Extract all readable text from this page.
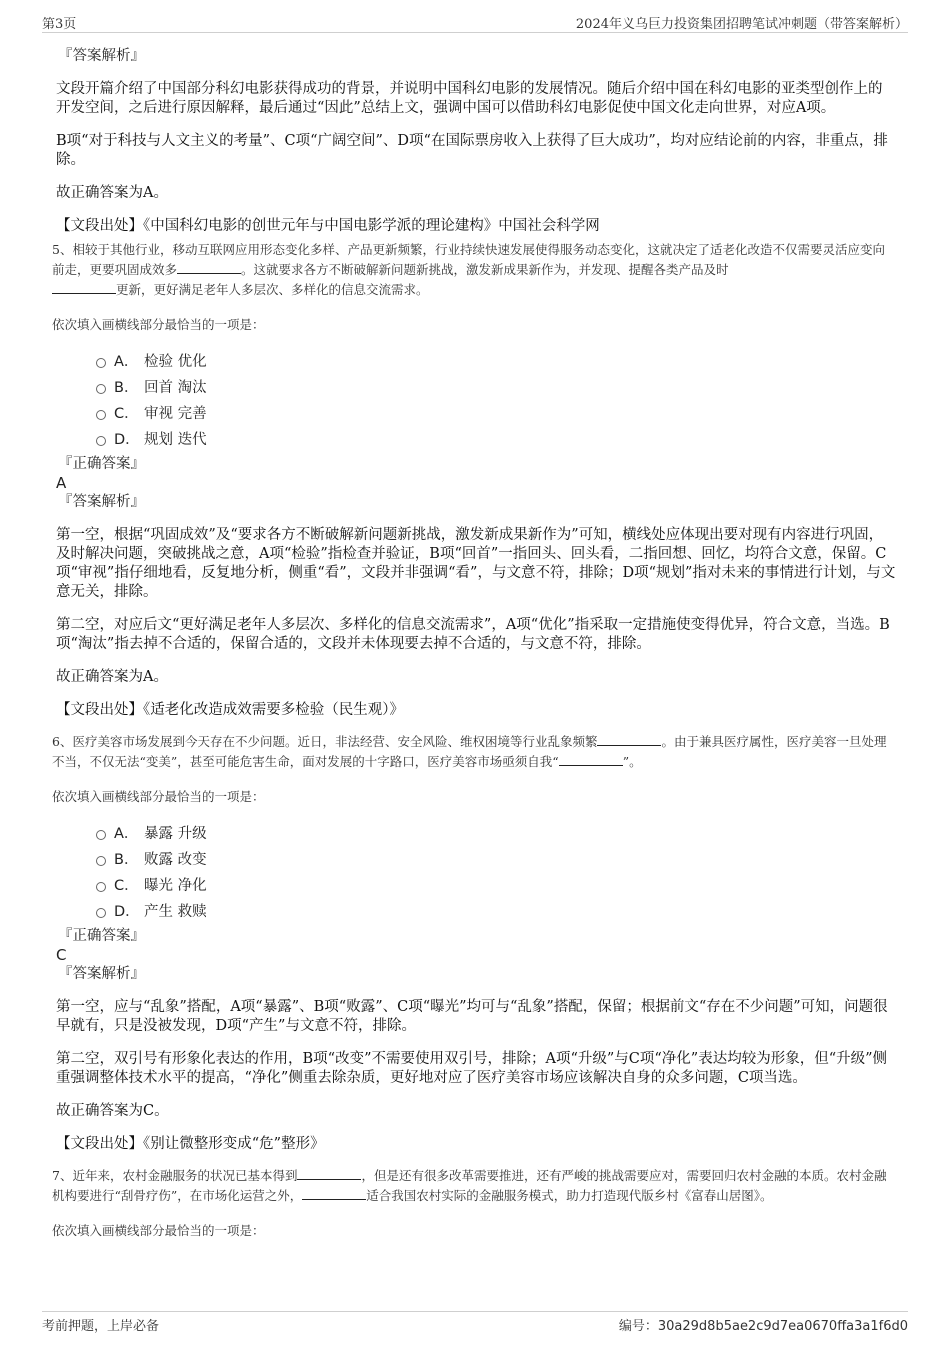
第3页	2024年义乌巨力投资集团招聘笔试冲刺题（带答案解析）

『答案解析』

文段开篇介绍了中国部分科幻电影获得成功的背景，并说明中国科幻电影的发展情况。随后介绍中国在科幻电影的亚类型创作上的开发空间，之后进行原因解释，最后通过“因此”总结上文，强调中国可以借助科幻电影促使中国文化走向世界，对应A项。

B项“对于科技与人文主义的考量”、C项“广阔空间”、D项“在国际票房收入上获得了巨大成功”，均对应结论前的内容，非重点，排除。

故正确答案为A。

【文段出处】《中国科幻电影的创世元年与中国电影学派的理论建构》中国社会科学网

5、相较于其他行业，移动互联网应用形态变化多样、产品更新频繁，行业持续快速发展使得服务动态变化，这就决定了适老化改造不仅需要灵活应变向前走，更要巩固成效多	。这就要求各方不断破解新问题新挑战，激发新成果新作为，并发现、提醒各类产品及时
更新，更好满足老年人多层次、多样化的信息交流需求。

依次填入画横线部分最恰当的一项是：

A． 检验 优化
B． 回首 淘汰
C． 审视 完善
D． 规划 迭代

『正确答案』

A

『答案解析』

第一空，根据“巩固成效”及“要求各方不断破解新问题新挑战，激发新成果新作为”可知，横线处应体现出要对现有内容进行巩固，及时解决问题，突破挑战之意，A项“检验”指检查并验证，B项“回首”一指回头、回头看，二指回想、回忆，均符合文意，保留。C项“审视”指仔细地看，反复地分析，侧重“看”，文段并非强调“看”，与文意不符，排除；D项“规划”指对未来的事情进行计划，与文意无关，排除。

第二空，对应后文“更好满足老年人多层次、多样化的信息交流需求”，A项“优化”指采取一定措施使变得优异，符合文意，当选。B项“淘汰”指去掉不合适的，保留合适的，文段并未体现要去掉不合适的，与文意不符，排除。

故正确答案为A。

【文段出处】《适老化改造成效需要多检验（民生观）》

6、医疗美容市场发展到今天存在不少问题。近日，非法经营、安全风险、维权困境等行业乱象频繁	。由于兼具医疗属性，医疗美容一旦处理不当，不仅无法“变美”，甚至可能危害生命，面对发展的十字路口，医疗美容市场亟须自我“	”。

依次填入画横线部分最恰当的一项是：

A． 暴露 升级
B． 败露 改变
C． 曝光 净化
D． 产生 救赎

『正确答案』

C

『答案解析』

第一空，应与“乱象”搭配，A项“暴露”、B项“败露”、C项“曝光”均可与“乱象”搭配，保留；根据前文“存在不少问题”可知，问题很早就有，只是没被发现，D项“产生”与文意不符，排除。

第二空，双引号有形象化表达的作用，B项“改变”不需要使用双引号，排除；A项“升级”与C项“净化”表达均较为形象，但“升级”侧重强调整体技术水平的提高，“净化”侧重去除杂质，更好地对应了医疗美容市场应该解决自身的众多问题，C项当选。

故正确答案为C。

【文段出处】《别让微整形变成“危”整形》

7、近年来，农村金融服务的状况已基本得到	，但是还有很多改革需要推进，还有严峻的挑战需要应对，需要回归农村金融的本质。农村金融机构要进行“刮骨疗伤”，在市场化运营之外，	适合我国农村实际的金融服务模式，助力打造现代版乡村《富春山居图》。

依次填入画横线部分最恰当的一项是：

考前押题，上岸必备	编号：30a29d8b5ae2c9d7ea0670ffa3a1f6d0
